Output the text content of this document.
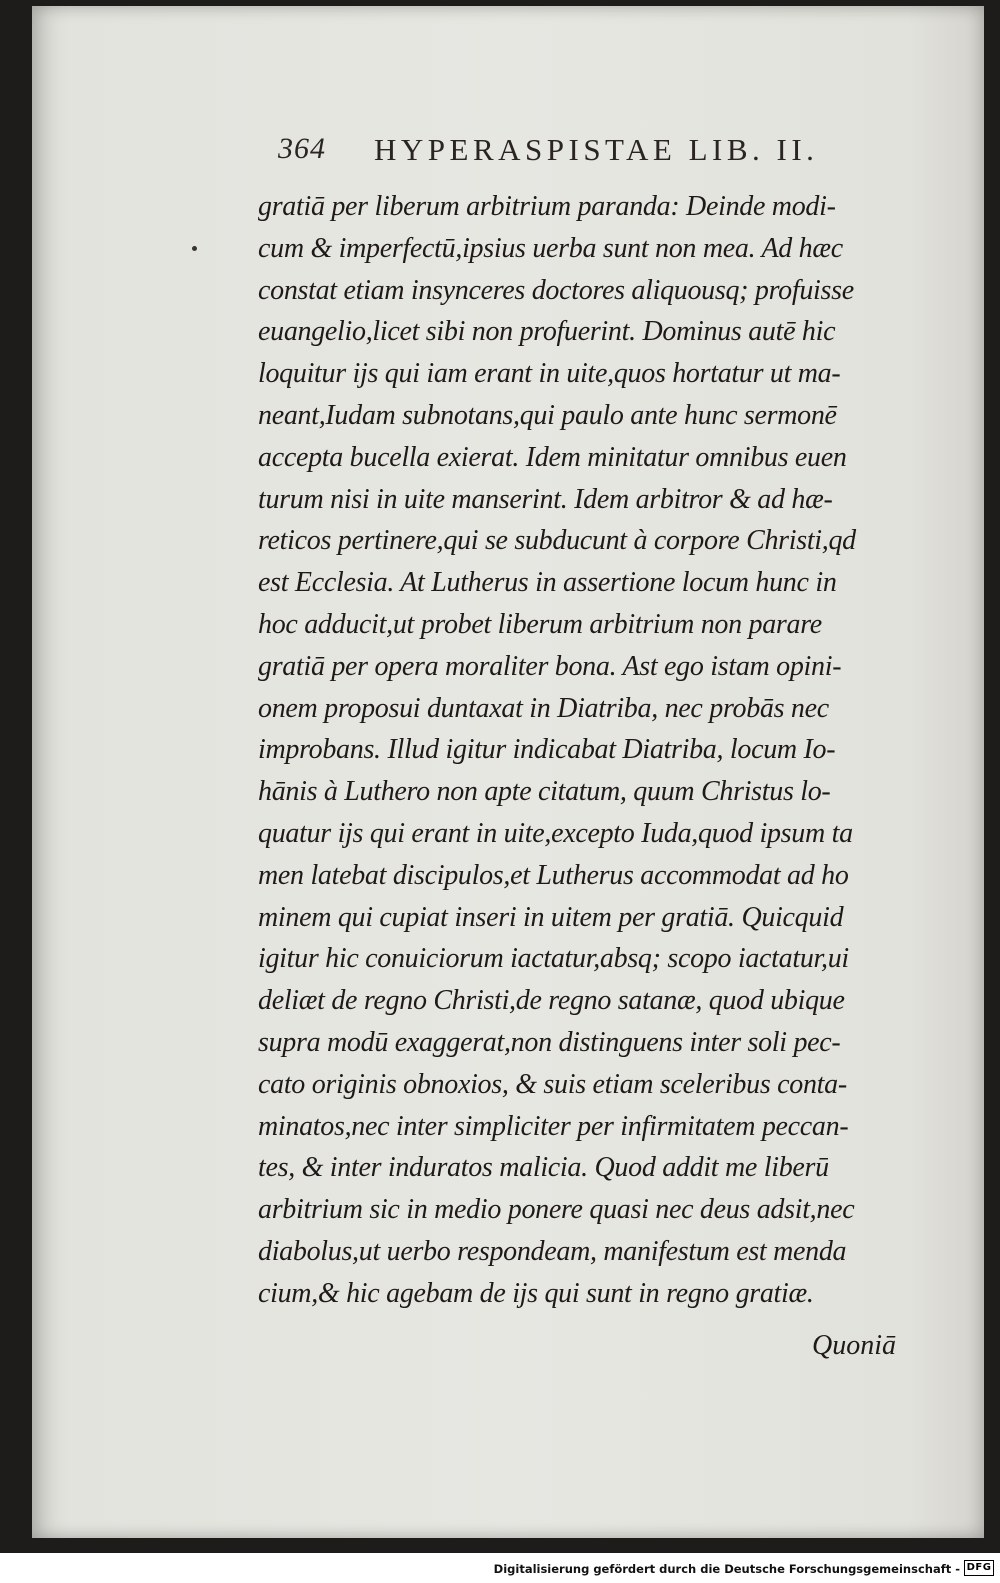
364 HYPERASPISTAE LIB. II.
gratiā per liberum arbitrium paranda: Deinde modi-
cum & imperfectū,ipsius uerba sunt non mea. Ad hæc
constat etiam insynceres doctores aliquousq; profuisse
euangelio,licet sibi non profuerint. Dominus autē hic
loquitur ijs qui iam erant in uite,quos hortatur ut ma-
neant,Iudam subnotans,qui paulo ante hunc sermonē
accepta bucella exierat. Idem minitatur omnibus euen
turum nisi in uite manserint. Idem arbitror & ad hæ-
reticos pertinere,qui se subducunt à corpore Christi,qd
est Ecclesia. At Lutherus in assertione locum hunc in
hoc adducit,ut probet liberum arbitrium non parare
gratiā per opera moraliter bona. Ast ego istam opini-
onem proposui duntaxat in Diatriba, nec probās nec
improbans. Illud igitur indicabat Diatriba, locum Io-
hānis à Luthero non apte citatum, quum Christus lo-
quatur ijs qui erant in uite,excepto Iuda,quod ipsum ta
men latebat discipulos,et Lutherus accommodat ad ho
minem qui cupiat inseri in uitem per gratiā. Quicquid
igitur hic conuiciorum iactatur,absq; scopo iactatur,ui
deliæt de regno Christi,de regno satanæ, quod ubique
supra modū exaggerat,non distinguens inter soli pec-
cato originis obnoxios, & suis etiam sceleribus conta-
minatos,nec inter simpliciter per infirmitatem peccan-
tes, & inter induratos malicia. Quod addit me liberū
arbitrium sic in medio ponere quasi nec deus adsit,nec
diabolus,ut uerbo respondeam, manifestum est menda
cium,& hic agebam de ijs qui sunt in regno gratiæ.
Quoniā
Digitalisierung gefördert durch die Deutsche Forschungsgemeinschaft - DFG
